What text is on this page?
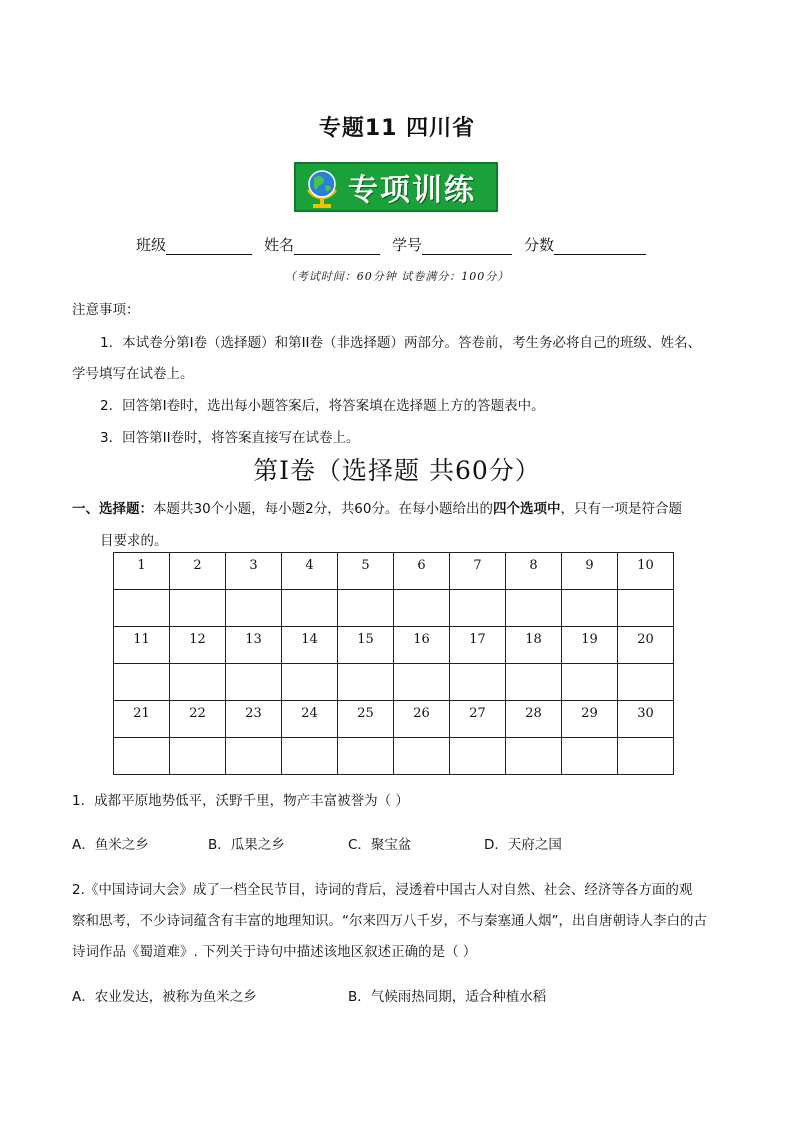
专题11 四川省
专项训练
班级	姓名	学号	分数
（考试时间：60分钟 试卷满分：100分）
注意事项：
1．本试卷分第I卷（选择题）和第II卷（非选择题）两部分。答卷前，考生务必将自己的班级、姓名、
学号填写在试卷上。
2．回答第I卷时，选出每小题答案后，将答案填在选择题上方的答题表中。
3．回答第II卷时，将答案直接写在试卷上。
第I卷（选择题 共60分）
一、选择题：本题共30个小题，每小题2分，共60分。在每小题给出的四个选项中，只有一项是符合题
目要求的。
1	2	3	4	5	6	7	8	9	10

11	12	13	14	15	16	17	18	19	20

21	22	23	24	25	26	27	28	29	30

1．成都平原地势低平，沃野千里，物产丰富被誉为（ ）
A．鱼米之乡	B．瓜果之乡	C．聚宝盆	D．天府之国
2.《中国诗词大会》成了一档全民节目，诗词的背后，浸透着中国古人对自然、社会、经济等各方面的观
察和思考，不少诗词蕴含有丰富的地理知识。“尔来四万八千岁，不与秦塞通人烟”，出自唐朝诗人李白的古
诗词作品《蜀道难》. 下列关于诗句中描述该地区叙述正确的是（ ）
A．农业发达，被称为鱼米之乡	B．气候雨热同期，适合种植水稻
